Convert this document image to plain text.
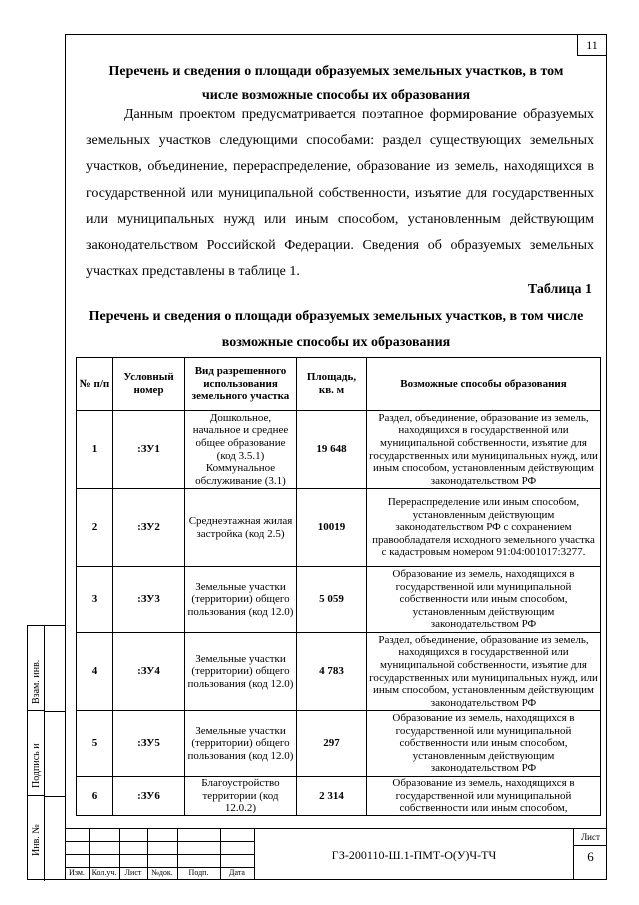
11
Перечень и сведения о площади образуемых земельных участков, в том
числе возможные способы их образования
Данным проектом предусматривается поэтапное формирование образуемых земельных участков следующими способами: раздел существующих земельных участков, объединение, перераспределение, образование из земель, находящихся в государственной или муниципальной собственности, изъятие для государственных или муниципальных нужд или иным способом, установленным действующим законодательством Российской Федерации. Сведения об образуемых земельных участках представлены в таблице 1.
Таблица 1
Перечень и сведения о площади образуемых земельных участков, в том числе
возможные способы их образования
№ п/п	Условный номер	Вид разрешенного использования земельного участка	Площадь, кв. м	Возможные способы образования
1	:ЗУ1	Дошкольное, начальное и среднее общее образование (код 3.5.1) Коммунальное обслуживание (3.1)	19 648	Раздел, объединение, образование из земель, находящихся в государственной или муниципальной собственности, изъятие для государственных или муниципальных нужд, или иным способом, установленным действующим законодательством РФ
2	:ЗУ2	Среднеэтажная жилая застройка (код 2.5)	10019	Перераспределение или иным способом, установленным действующим законодательством РФ с сохранением правообладателя исходного земельного участка с кадастровым номером 91:04:001017:3277.
3	:ЗУ3	Земельные участки (территории) общего пользования (код 12.0)	5 059	Образование из земель, находящихся в государственной или муниципальной собственности или иным способом, установленным действующим законодательством РФ
4	:ЗУ4	Земельные участки (территории) общего пользования (код 12.0)	4 783	Раздел, объединение, образование из земель, находящихся в государственной или муниципальной собственности, изъятие для государственных или муниципальных нужд, или иным способом, установленным действующим законодательством РФ
5	:ЗУ5	Земельные участки (территории) общего пользования (код 12.0)	297	Образование из земель, находящихся в государственной или муниципальной собственности или иным способом, установленным действующим законодательством РФ
6	:ЗУ6	Благоустройство территории (код 12.0.2)	2 314	Образование из земель, находящихся в государственной или муниципальной собственности или иным способом,
Взам. инв.
Подпись и
Инв. №
Изм. Кол.уч.	Лист	№док.	Подп.	Дата
ГЗ-200110-Ш.1-ПМТ-О(У)Ч-ТЧ
Лист
6
